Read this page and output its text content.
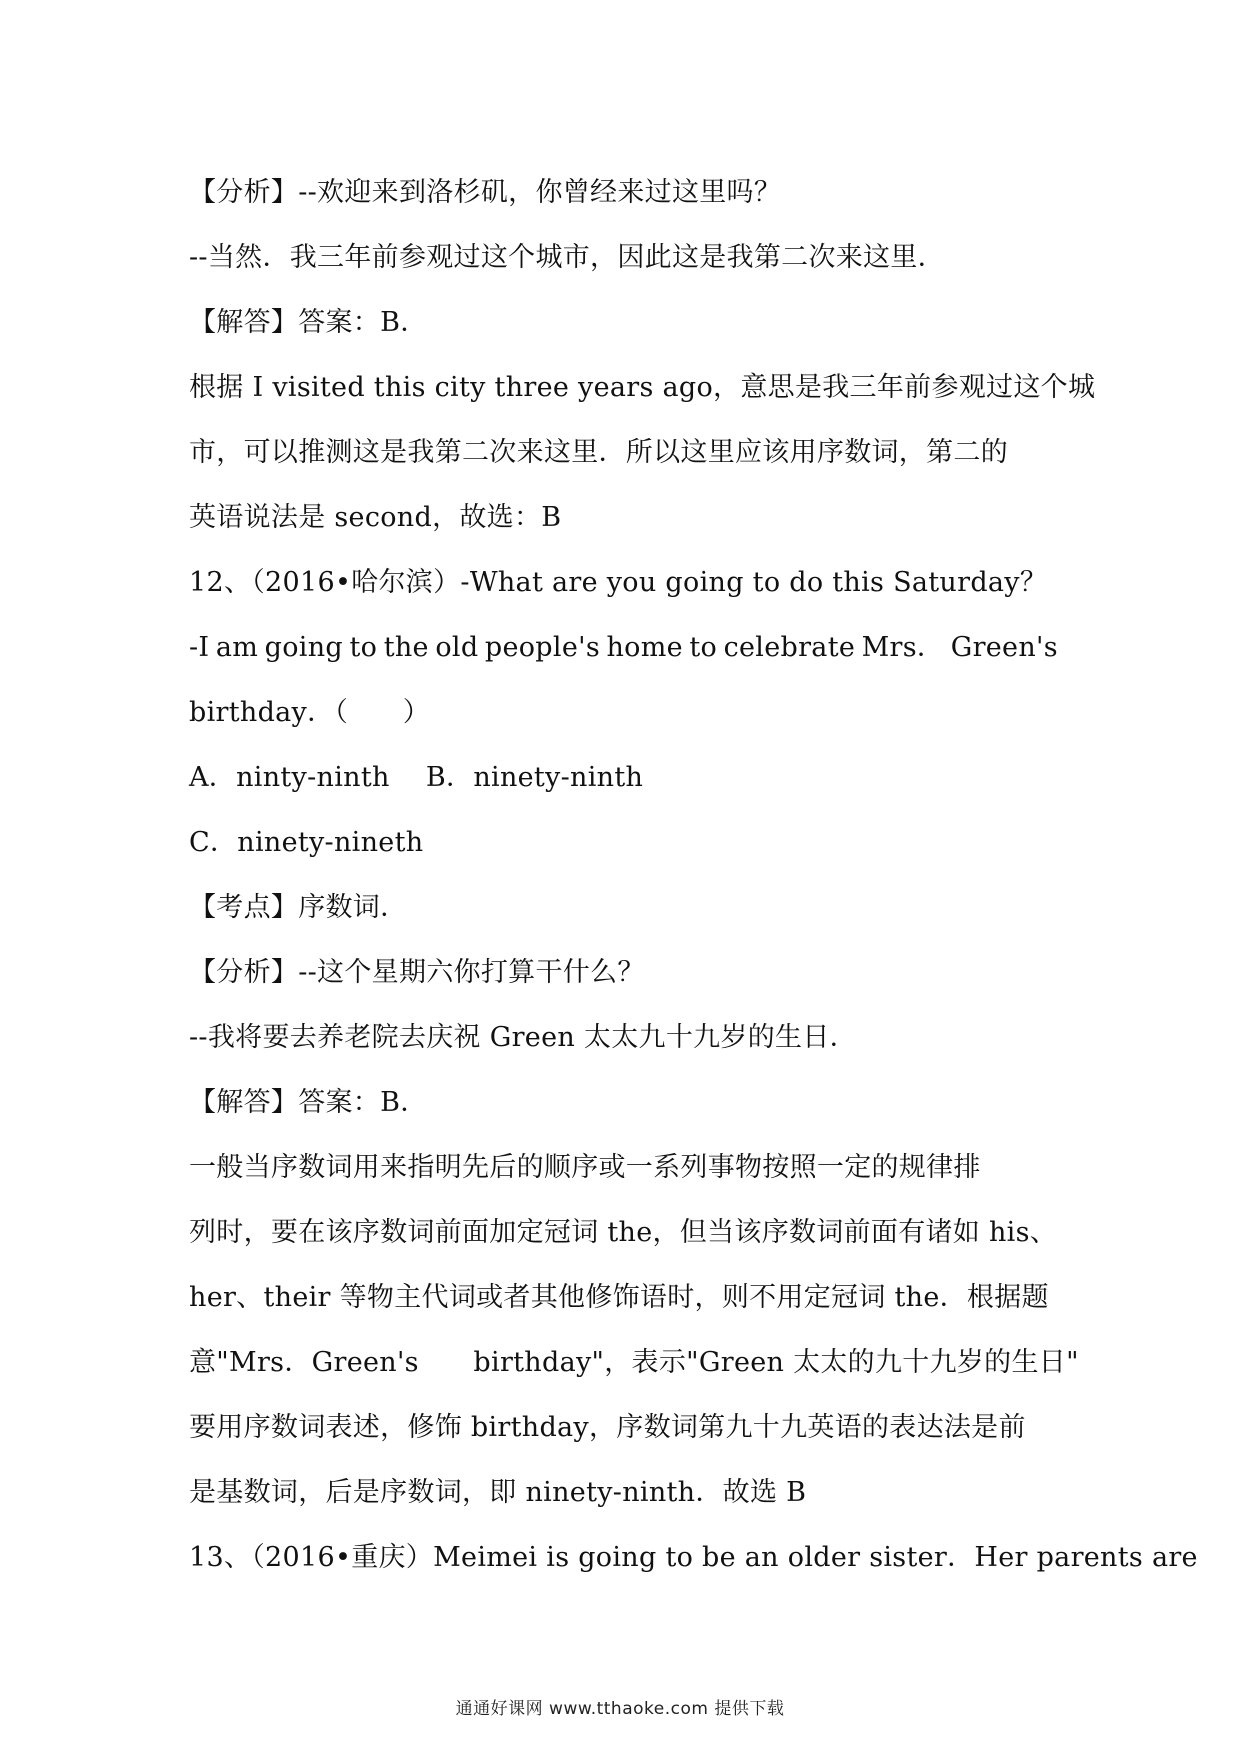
【分析】--欢迎来到洛杉矶，你曾经来过这里吗？
--当然．我三年前参观过这个城市，因此这是我第二次来这里．
【解答】答案：B．
根据 I visited this city three years ago，意思是我三年前参观过这个城
市，可以推测这是我第二次来这里．所以这里应该用序数词，第二的
英语说法是 second，故选：B
12、（2016•哈尔滨）-What are you going to do this Saturday？
-I am going to the old people's home to celebrate Mrs． Green's
birthday．（　　）
A．ninty-ninth　 B．ninety-ninth
C．ninety-nineth
【考点】序数词．
【分析】--这个星期六你打算干什么？
--我将要去养老院去庆祝 Green 太太九十九岁的生日．
【解答】答案：B．
一般当序数词用来指明先后的顺序或一系列事物按照一定的规律排
列时，要在该序数词前面加定冠词 the，但当该序数词前面有诸如 his、
her、their 等物主代词或者其他修饰语时，则不用定冠词 the．根据题
意"Mrs．Green's　　birthday"，表示"Green 太太的九十九岁的生日"
要用序数词表述，修饰 birthday，序数词第九十九英语的表达法是前
是基数词，后是序数词，即 ninety-ninth．故选 B
13、（2016•重庆）Meimei is going to be an older sister．Her parents are
通通好课网 www.tthaoke.com 提供下载
